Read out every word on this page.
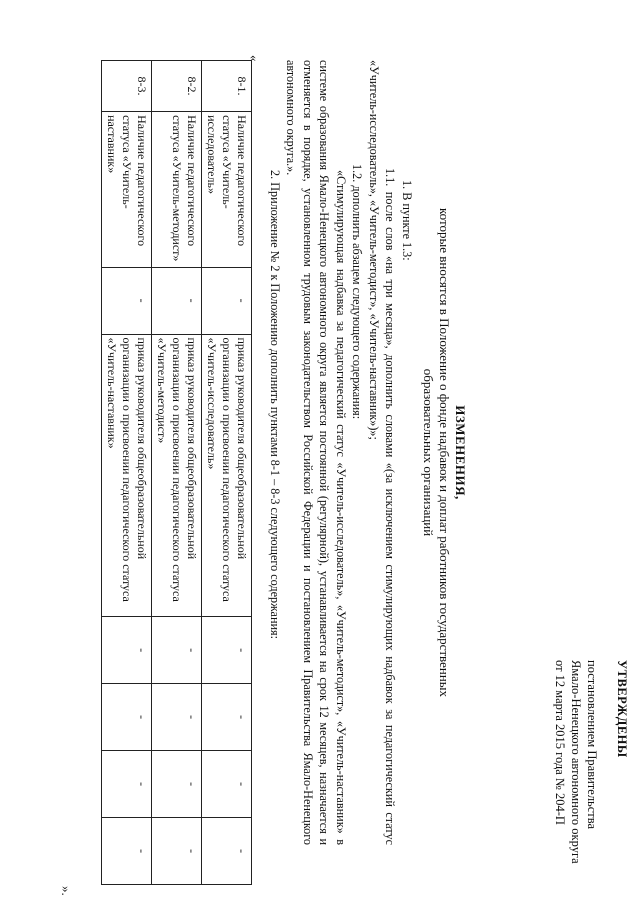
УТВЕРЖДЕНЫ
постановлением Правительства
Ямало-Ненецкого автономного округа
от 12 марта 2015 года № 204-П
ИЗМЕНЕНИЯ,
которые вносятся в Положение о фонде надбавок и доплат работников государственных
образовательных организаций

1. В пункте 1.3:

1.1. после слов «на три месяца», дополнить словами «(за исключением стимулирующих надбавок за педагогический статус «Учитель-исследователь», «Учитель-методист», «Учитель-наставник»)»;

1.2. дополнить абзацем следующего содержания:

«Стимулирующая надбавка за педагогический статус «Учитель-исследователь», «Учитель-методист», «Учитель-наставник» в системе образования Ямало-Ненецкого автономного округа является постоянной (регулярной), устанавливается на срок 12 месяцев, назначается и отменяется в порядке, установленном трудовым законодательством Российской Федерации и постановлением Правительства Ямало-Ненецкого автономного округа.».

2. Приложение № 2 к Положению дополнить пунктами 8-1 – 8-3 следующего содержания:

«
8-1.	Наличие педагогического статуса «Учитель-исследователь»	-	приказ руководителя общеобразовательной организации о присвоении педагогического статуса «Учитель-исследователь»	-	-	-	-
8-2.	Наличие педагогического статуса «Учитель-методист»	-	приказ руководителя общеобразовательной организации о присвоении педагогического статуса «Учитель-методист»	-	-	-	-
8-3.	Наличие педагогического статуса «Учитель-наставник»	-	приказ руководителя общеобразовательной организации о присвоении педагогического статуса «Учитель-наставник»	-	-	-	-
».
